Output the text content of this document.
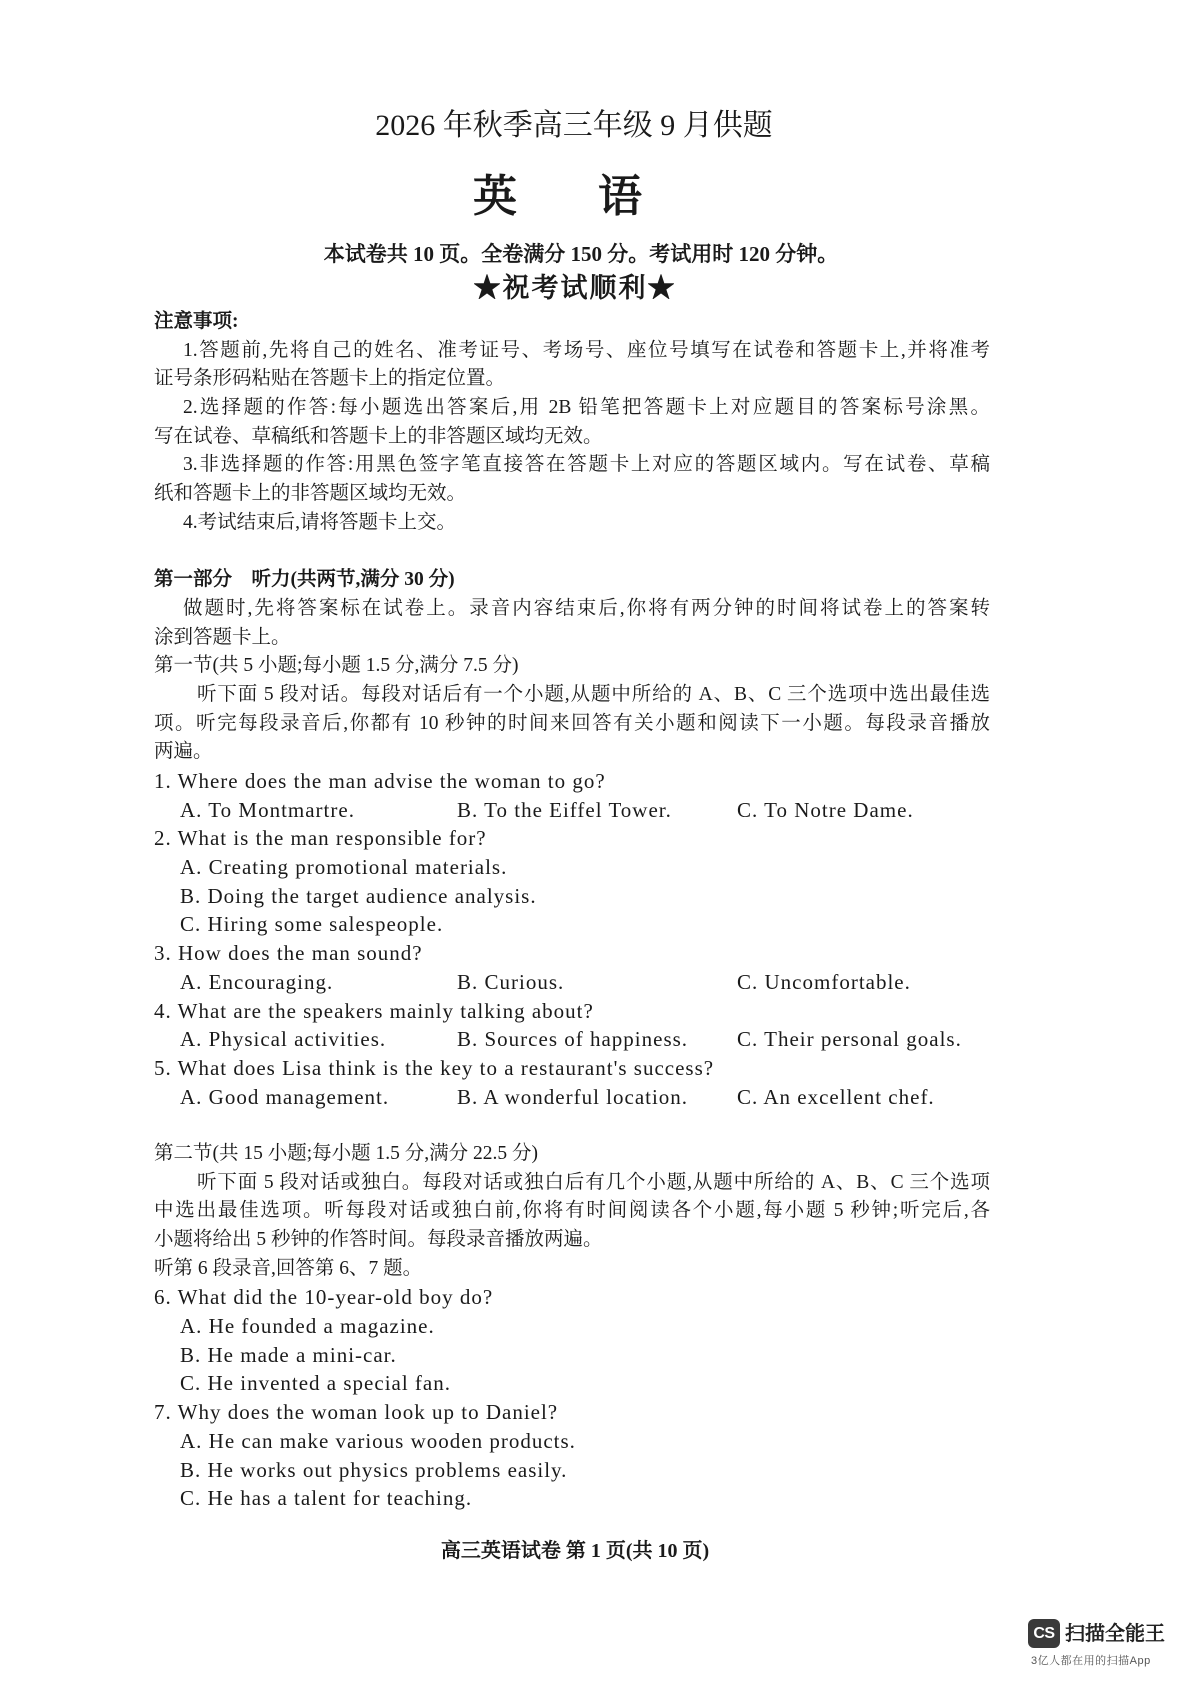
2026 年秋季高三年级 9 月供题
英语
本试卷共 10 页。全卷满分 150 分。考试用时 120 分钟。
★祝考试顺利★
注意事项:
1.答题前,先将自己的姓名、准考证号、考场号、座位号填写在试卷和答题卡上,并将准考
证号条形码粘贴在答题卡上的指定位置。
2.选择题的作答:每小题选出答案后,用 2B 铅笔把答题卡上对应题目的答案标号涂黑。
写在试卷、草稿纸和答题卡上的非答题区域均无效。
3.非选择题的作答:用黑色签字笔直接答在答题卡上对应的答题区域内。写在试卷、草稿
纸和答题卡上的非答题区域均无效。
4.考试结束后,请将答题卡上交。
第一部分　听力(共两节,满分 30 分)
做题时,先将答案标在试卷上。录音内容结束后,你将有两分钟的时间将试卷上的答案转
涂到答题卡上。
第一节(共 5 小题;每小题 1.5 分,满分 7.5 分)
听下面 5 段对话。每段对话后有一个小题,从题中所给的 A、B、C 三个选项中选出最佳选
项。听完每段录音后,你都有 10 秒钟的时间来回答有关小题和阅读下一小题。每段录音播放
两遍。
1. Where does the man advise the woman to go?
A. To Montmartre.	B. To the Eiffel Tower.	C. To Notre Dame.
2. What is the man responsible for?
A. Creating promotional materials.
B. Doing the target audience analysis.
C. Hiring some salespeople.
3. How does the man sound?
A. Encouraging.	B. Curious.	C. Uncomfortable.
4. What are the speakers mainly talking about?
A. Physical activities.	B. Sources of happiness. C. Their personal goals.
5. What does Lisa think is the key to a restaurant's success?
A. Good management.	B. A wonderful location. C. An excellent chef.
第二节(共 15 小题;每小题 1.5 分,满分 22.5 分)
听下面 5 段对话或独白。每段对话或独白后有几个小题,从题中所给的 A、B、C 三个选项
中选出最佳选项。听每段对话或独白前,你将有时间阅读各个小题,每小题 5 秒钟;听完后,各
小题将给出 5 秒钟的作答时间。每段录音播放两遍。
听第 6 段录音,回答第 6、7 题。
6. What did the 10-year-old boy do?
A. He founded a magazine.
B. He made a mini-car.
C. He invented a special fan.
7. Why does the woman look up to Daniel?
A. He can make various wooden products.
B. He works out physics problems easily.
C. He has a talent for teaching.
高三英语试卷 第 1 页(共 10 页)
CS 扫描全能王
3亿人都在用的扫描App
